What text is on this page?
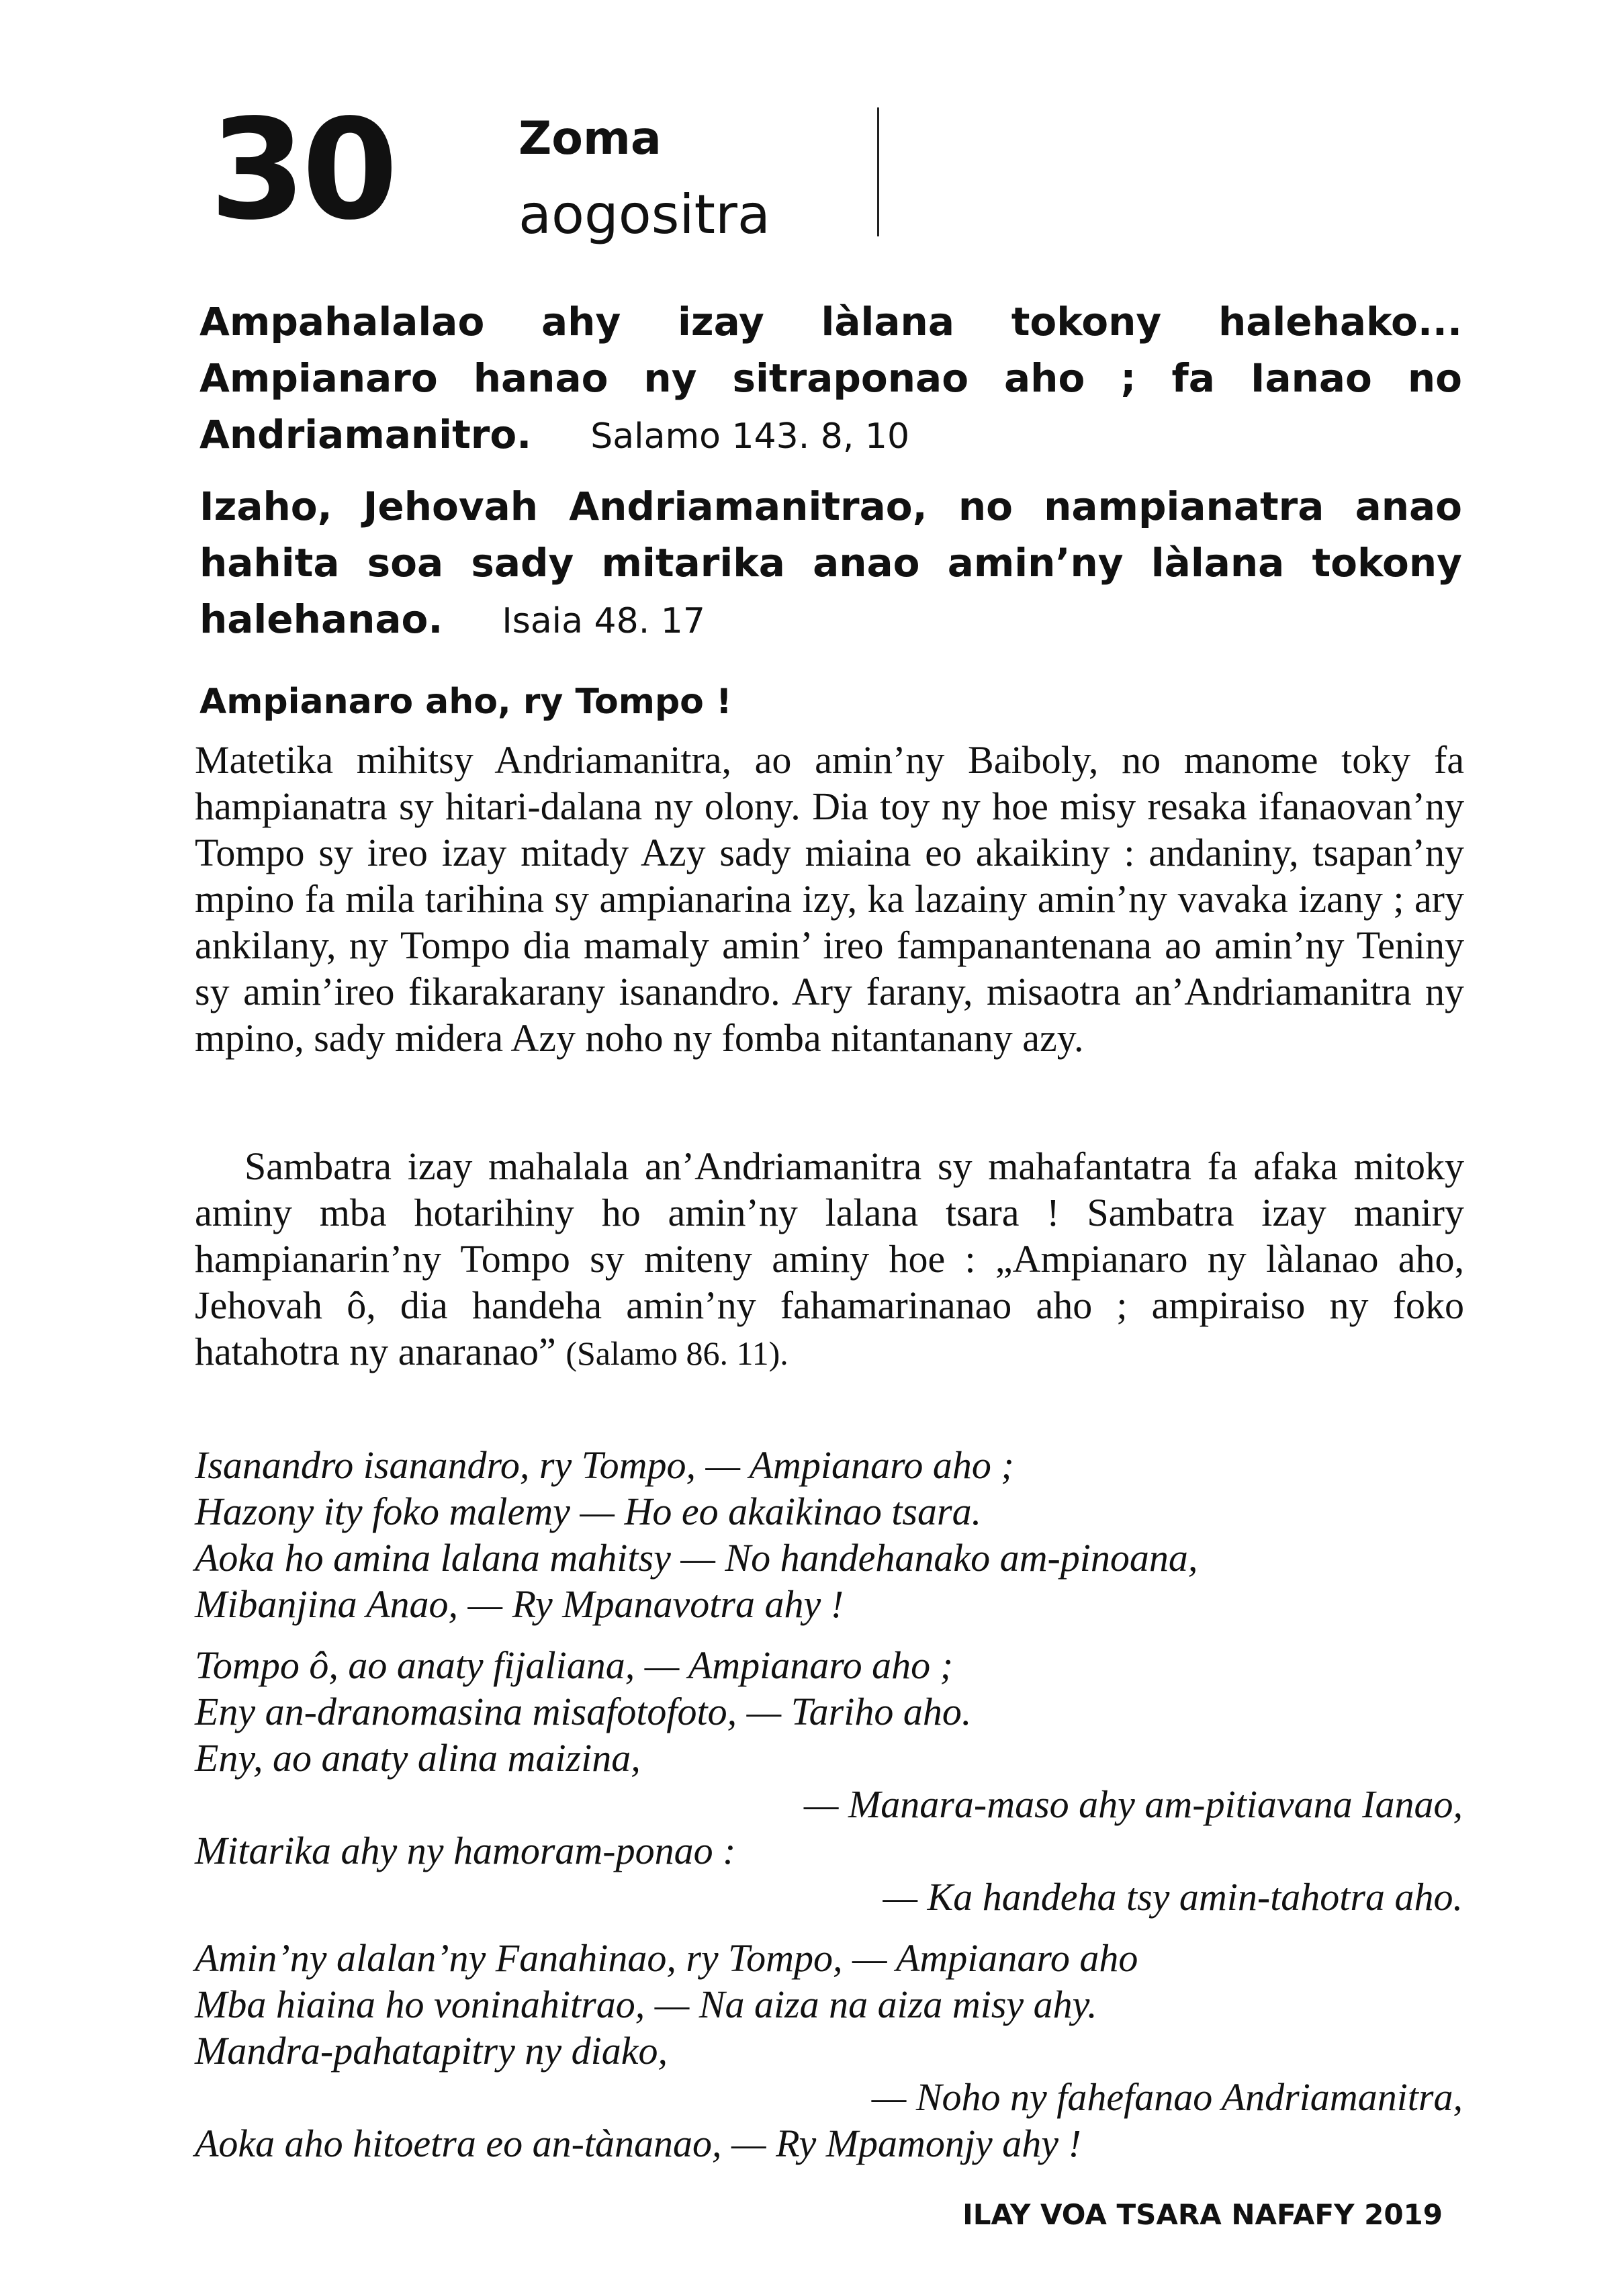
30	Zoma
aogositra
Ampahalalao ahy izay làlana tokony halehako... Ampianaro hanao ny sitraponao aho ; fa Ianao no Andriamanitro. Salamo 143. 8, 10
Izaho, Jehovah Andriamanitrao, no nampianatra anao hahita soa sady mitarika anao amin’ny làlana tokony halehanao. Isaia 48. 17
Ampianaro aho, ry Tompo !
Matetika mihitsy Andriamanitra, ao amin’ny Baiboly, no manome toky fa hampianatra sy hitari-dalana ny olony. Dia toy ny hoe misy resaka ifanaovan’ny Tompo sy ireo izay mitady Azy sady miaina eo akaikiny : andaniny, tsapan’ny mpino fa mila tarihina sy ampianarina izy, ka lazainy amin’ny vavaka izany ; ary ankilany, ny Tompo dia mamaly amin’ ireo fampanantenana ao amin’ny Teniny sy amin’ireo fikarakarany isanandro. Ary farany, misaotra an’Andriamanitra ny mpino, sady midera Azy noho ny fomba nitantanany azy.
Sambatra izay mahalala an’Andriamanitra sy mahafantatra fa afaka mitoky aminy mba hotarihiny ho amin’ny lalana tsara ! Sambatra izay maniry hampianarin’ny Tompo sy miteny aminy hoe : „Ampianaro ny làlanao aho, Jehovah ô, dia handeha amin’ny fahamarinanao aho ; ampiraiso ny foko hatahotra ny anaranao” (Salamo 86. 11).
Isanandro isanandro, ry Tompo, — Ampianaro aho ;
Hazony ity foko malemy — Ho eo akaikinao tsara.
Aoka ho amina lalana mahitsy — No handehanako am-pinoana,
Mibanjina Anao, — Ry Mpanavotra ahy !
Tompo ô, ao anaty fijaliana, — Ampianaro aho ;
Eny an-dranomasina misafotofoto, — Tariho aho.
Eny, ao anaty alina maizina,
— Manara-maso ahy am-pitiavana Ianao,
Mitarika ahy ny hamoram-ponao :
— Ka handeha tsy amin-tahotra aho.
Amin’ny alalan’ny Fanahinao, ry Tompo, — Ampianaro aho
Mba hiaina ho voninahitrao, — Na aiza na aiza misy ahy.
Mandra-pahatapitry ny diako,
— Noho ny fahefanao Andriamanitra,
Aoka aho hitoetra eo an-tànanao, — Ry Mpamonjy ahy !
ILAY VOA TSARA NAFAFY 2019
